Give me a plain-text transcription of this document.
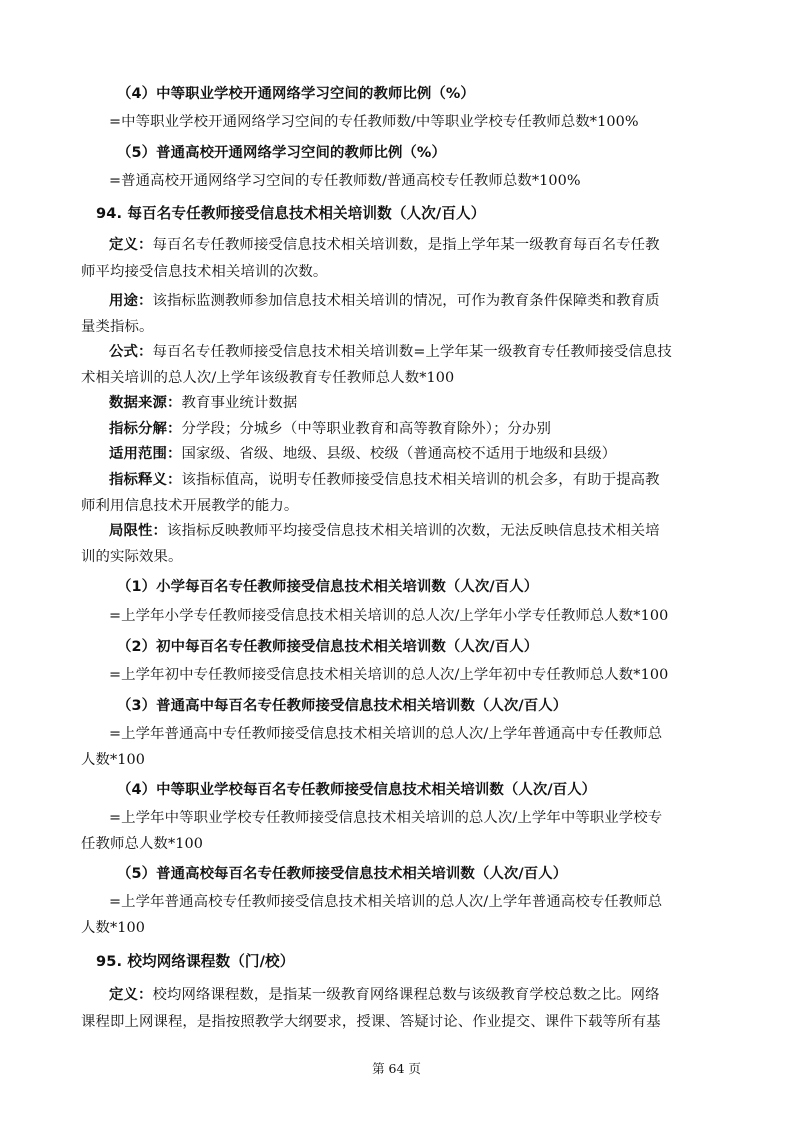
（4）中等职业学校开通网络学习空间的教师比例（%）
=中等职业学校开通网络学习空间的专任教师数/中等职业学校专任教师总数*100%
（5）普通高校开通网络学习空间的教师比例（%）
=普通高校开通网络学习空间的专任教师数/普通高校专任教师总数*100%
94. 每百名专任教师接受信息技术相关培训数（人次/百人）
定义：每百名专任教师接受信息技术相关培训数，是指上学年某一级教育每百名专任教
师平均接受信息技术相关培训的次数。
用途：该指标监测教师参加信息技术相关培训的情况，可作为教育条件保障类和教育质
量类指标。
公式：每百名专任教师接受信息技术相关培训数=上学年某一级教育专任教师接受信息技
术相关培训的总人次/上学年该级教育专任教师总人数*100
数据来源：教育事业统计数据
指标分解：分学段；分城乡（中等职业教育和高等教育除外）；分办别
适用范围：国家级、省级、地级、县级、校级（普通高校不适用于地级和县级）
指标释义：该指标值高，说明专任教师接受信息技术相关培训的机会多，有助于提高教
师利用信息技术开展教学的能力。
局限性：该指标反映教师平均接受信息技术相关培训的次数，无法反映信息技术相关培
训的实际效果。
（1）小学每百名专任教师接受信息技术相关培训数（人次/百人）
=上学年小学专任教师接受信息技术相关培训的总人次/上学年小学专任教师总人数*100
（2）初中每百名专任教师接受信息技术相关培训数（人次/百人）
=上学年初中专任教师接受信息技术相关培训的总人次/上学年初中专任教师总人数*100
（3）普通高中每百名专任教师接受信息技术相关培训数（人次/百人）
=上学年普通高中专任教师接受信息技术相关培训的总人次/上学年普通高中专任教师总
人数*100
（4）中等职业学校每百名专任教师接受信息技术相关培训数（人次/百人）
=上学年中等职业学校专任教师接受信息技术相关培训的总人次/上学年中等职业学校专
任教师总人数*100
（5）普通高校每百名专任教师接受信息技术相关培训数（人次/百人）
=上学年普通高校专任教师接受信息技术相关培训的总人次/上学年普通高校专任教师总
人数*100
95. 校均网络课程数（门/校）
定义：校均网络课程数，是指某一级教育网络课程总数与该级教育学校总数之比。网络
课程即上网课程，是指按照教学大纲要求，授课、答疑讨论、作业提交、课件下载等所有基
第 64 页
